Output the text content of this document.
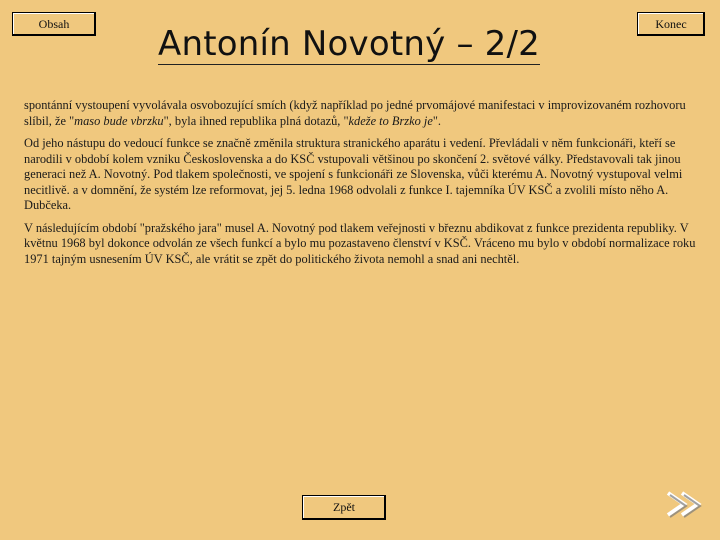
Obsah	Konec
Antonín Novotný – 2/2

spontánní vystoupení vyvolávala osvobozující smích (když například po jedné prvomájové manifestaci v improvizovaném rozhovoru slíbil, že "maso bude vbrzku", byla ihned republika plná dotazů, "kdeže to Brzko je".

Od jeho nástupu do vedoucí funkce se značně změnila struktura stranického aparátu i vedení. Převládali v něm funkcionáři, kteří se narodili v období kolem vzniku Československa a do KSČ vstupovali většinou po skončení 2. světové války. Představovali tak jinou generaci než A. Novotný. Pod tlakem společnosti, ve spojení s funkcionáři ze Slovenska, vůči kterému A. Novotný vystupoval velmi necitlivě. a v domnění, že systém lze reformovat, jej 5. ledna 1968 odvolali z funkce I. tajemníka ÚV KSČ a zvolili místo něho A. Dubčeka.

V následujícím období "pražského jara" musel A. Novotný pod tlakem veřejnosti v březnu abdikovat z funkce prezidenta republiky. V květnu 1968 byl dokonce odvolán ze všech funkcí a bylo mu pozastaveno členství v KSČ. Vráceno mu bylo v období normalizace roku 1971 tajným usnesením ÚV KSČ, ale vrátit se zpět do politického života nemohl a snad ani nechtěl.

Zpět
